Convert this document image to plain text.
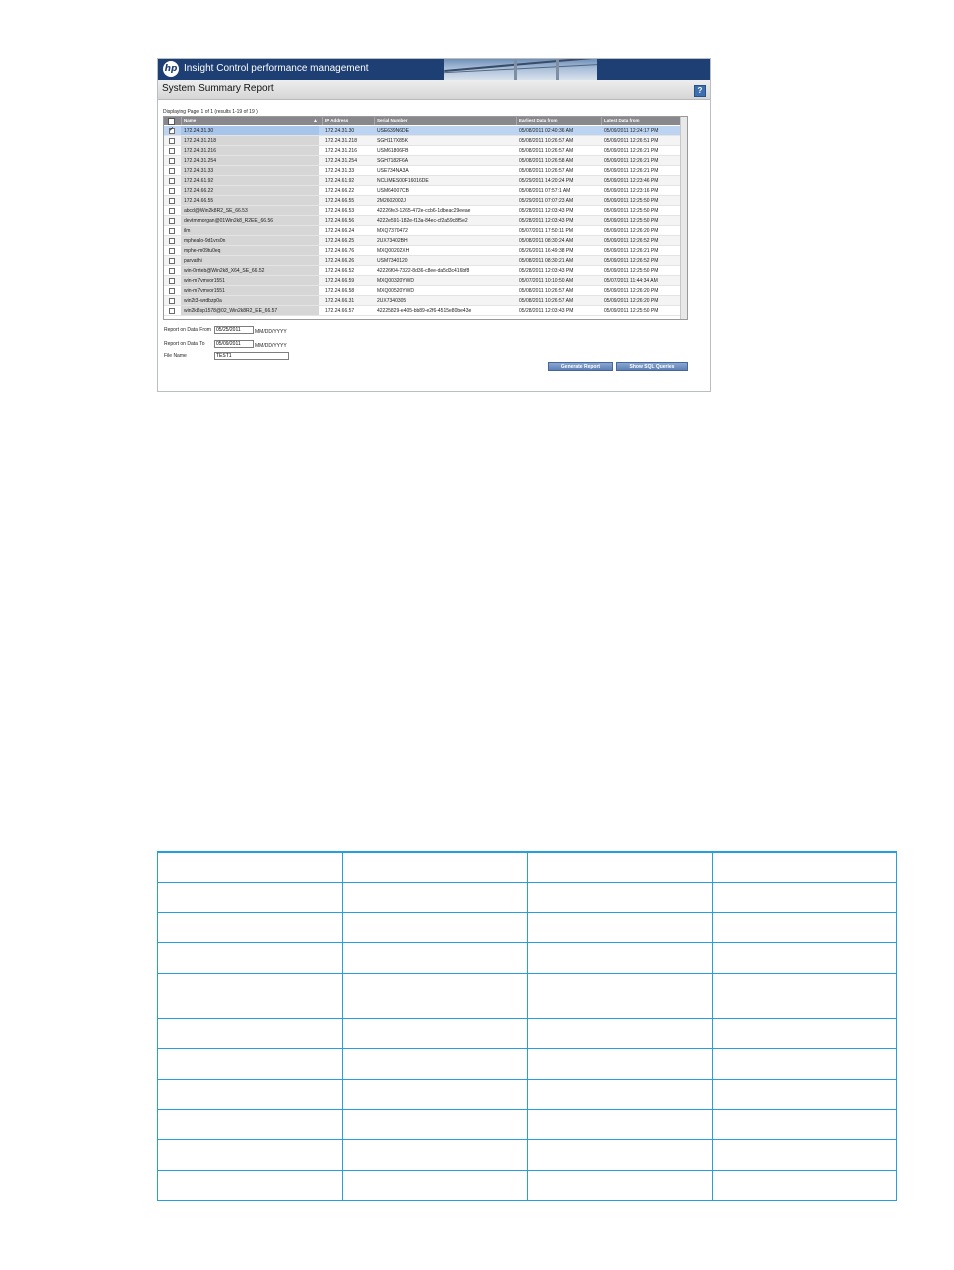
hp Insight Control performance management
System Summary Report	?
Displaying Page 1 of 1 (results 1-19 of 19 )
Name	▲	IP Address	Serial Number	Earliest Data from	Latest Data from
✓ 172.24.31.30	172.24.31.30	USE639N6DE	05/08/2011 02:40:36 AM	05/09/2011 12:24:17 PM
172.24.31.218	172.24.31.218	SGH117X85K	05/08/2011 10:26:57 AM	05/09/2011 12:26:51 PM
172.24.31.216	172.24.31.216	USM61806FB	05/08/2011 10:26:57 AM	05/09/2011 12:26:21 PM
172.24.31.254	172.24.31.254	SGH7182F6A	05/08/2011 10:26:58 AM	05/09/2011 12:26:21 PM
172.24.31.33	172.24.31.33	USE734NA3A	05/08/2011 10:26:57 AM	05/09/2011 12:26:21 PM
172.24.61.92	172.24.61.92	NCLIMES00F16016DE	05/29/2011 14:20:24 PM	05/09/2011 12:23:46 PM
172.24.66.22	172.24.66.22	USM64007CB	05/08/2011 07:57:1 AM	05/09/2011 12:23:16 PM
172.24.66.55	172.24.66.55	2M2602002J	05/29/2011 07:07:23 AM	05/09/2011 12:25:50 PM
abcd@Win2k8R2_SE_66.53	172.24.66.53	42226fe3-1265-472e-ccb6-1dbeac29eeae	05/28/2011 12:03:43 PM	05/09/2011 12:25:50 PM
devtmmorgan@01Win2k8_R2EE_66.56	172.24.66.56	4222e591-182e-f13a-84ec-cf2a59c8f5e2	05/28/2011 12:03:43 PM	05/09/2011 12:25:50 PM
ilm	172.24.66.24	MXQ7370472	05/07/2011 17:50:11 PM	05/09/2011 12:26:20 PM
mphealo-9d1vrs0n	172.24.66.25	2UX73402BH	05/08/2011 08:30:24 AM	05/09/2011 12:26:52 PM
mphe-m09tu0eq	172.24.66.76	MXQ00202XH	05/26/2011 16:49:38 PM	05/09/2011 12:26:21 PM
parvathi	172.24.66.26	USM7340120	05/08/2011 08:30:21 AM	05/09/2011 12:26:52 PM
win-0rrteb@Win2k8_X64_SE_66.52	172.24.66.52	42226f04-7322-8d36-c8ee-da5d3c416bf8	05/28/2011 12:03:43 PM	05/09/2011 12:25:50 PM
win-m7vmvor1551	172.24.66.59	MXQ00320YWD	05/07/2011 10:10:50 AM	05/07/2011 11:44:34 AM
win-m7vmvor1551	172.24.66.58	MXQ00520YWD	05/08/2011 10:26:57 AM	05/09/2011 12:26:20 PM
win2t3-wrdbzp0a	172.24.66.31	2UX7340305	05/08/2011 10:26:57 AM	05/09/2011 12:26:20 PM
win2k8sp1578@02_Win2k8R2_EE_66.57	172.24.66.57	42225829-e405-bb89-e2f6-4515e80be43e	05/28/2011 12:03:43 PM	05/09/2011 12:25:50 PM
Report on Data From	05/25/2011	MM/DD/YYYY
Report on Data To	05/09/2011	MM/DD/YYYY
File Name	TEST1
Generate Report	Show SQL Queries
